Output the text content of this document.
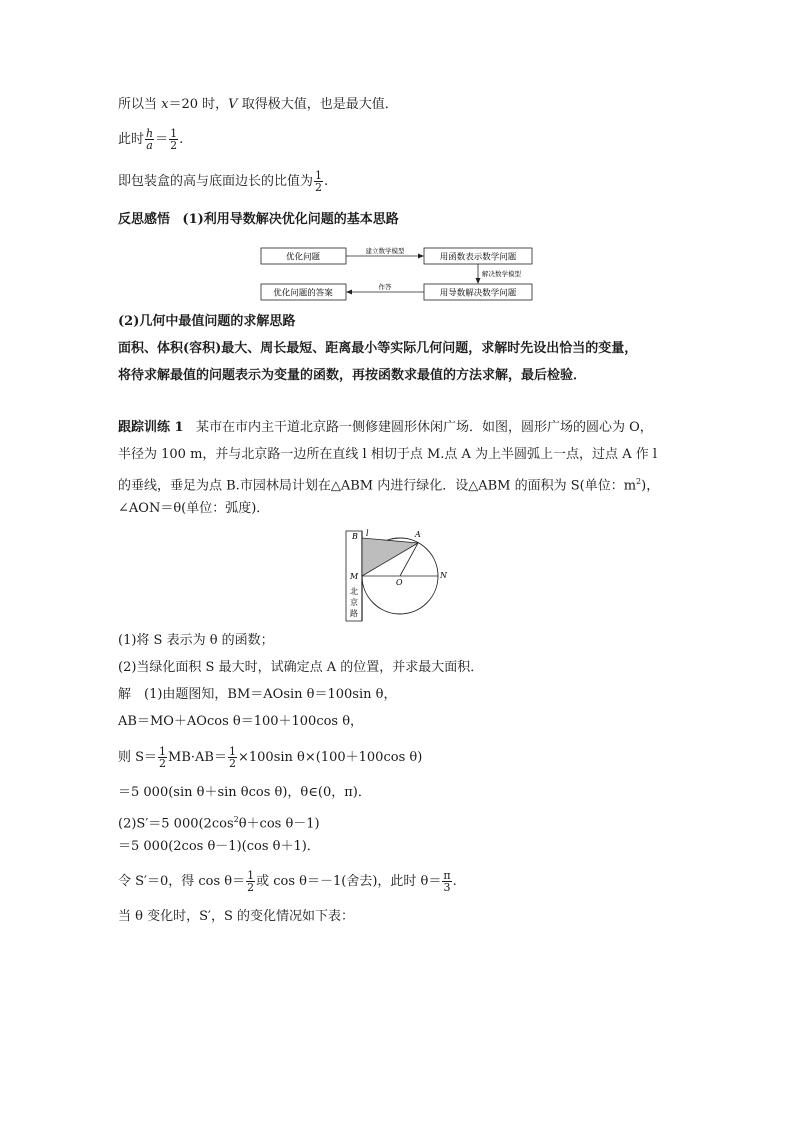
所以当 x＝20 时，V 取得极大值，也是最大值．
此时 $\frac{h}{a} = \frac{1}{2}$ .
即包装盒的高与底面边长的比值为 $\frac{1}{2}$ .
反思感悟 (1)利用导数解决优化问题的基本思路
优化问题	用函数表示数学问题
优化问题的答案	用导数解决数学问题
建立数学模型
解决数学模型
作答
(2)几何中最值问题的求解思路
面积、体积(容积)最大、周长最短、距离最小等实际几何问题，求解时先设出恰当的变量，
将待求解最值的问题表示为变量的函数，再按函数求最值的方法求解，最后检验．
跟踪训练 1 某市在市内主干道北京路一侧修建圆形休闲广场．如图，圆形广场的圆心为 O，
半径为 100 m，并与北京路一边所在直线 l 相切于点 M.点 A 为上半圆弧上一点，过点 A 作 l
的垂线，垂足为点 B.市园林局计划在△ABM 内进行绿化．设△ABM 的面积为 S(单位：$m^2$)，
∠AON＝θ(单位：弧度)．
B l	A
M
O
N
北
京
路
(1)将 S 表示为 θ 的函数；
(2)当绿化面积 S 最大时，试确定点 A 的位置，并求最大面积．
解　(1)由题图知，BM＝AOsin θ＝100sin θ，
AB＝MO＋AOcos θ＝100＋100cos θ，
则 $S= \frac{1}{2} MB\cdot AB= \frac{1}{2} \times 100\sin$ θ×(100＋100cos θ)
＝5 000(sin θ＋sin θcos θ)，θ∈(0，π)．
(2)S′＝5 $000(2\cos^2\theta+\cos$ θ－1)
＝5 000(2cos θ－1)(cos θ＋1)．
令 S′＝0，得 $\cos \theta= \frac{1}{2}$ 或 cos θ＝－1(舍去)，此时 $\theta= \frac{\pi}{3}$ .
当 θ 变化时，S′，S 的变化情况如下表：
